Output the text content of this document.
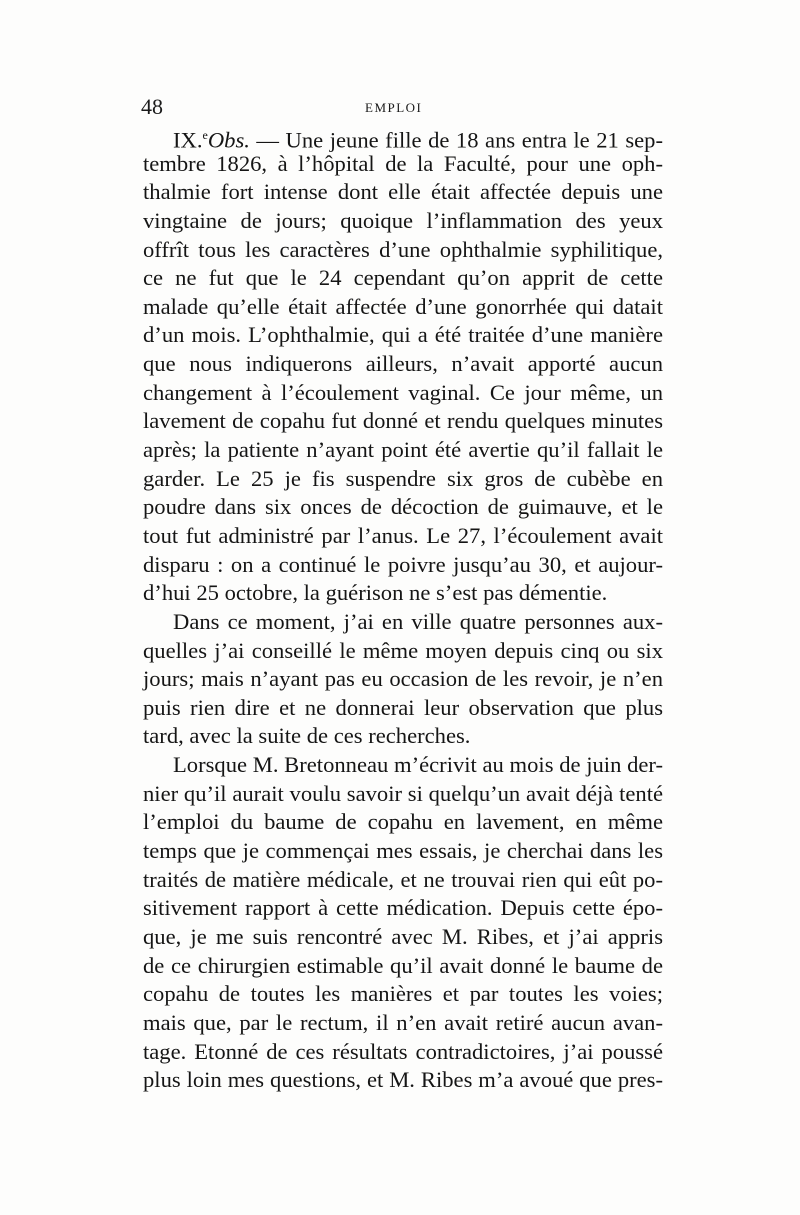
48	EMPLOI
IX.$^e$Obs. — Une jeune fille de 18 ans entra le 21 sep-
tembre 1826, à l’hôpital de la Faculté, pour une oph-
thalmie fort intense dont elle était affectée depuis une
vingtaine de jours; quoique l’inflammation des yeux
offrît tous les caractères d’une ophthalmie syphilitique,
ce ne fut que le 24 cependant qu’on apprit de cette
malade qu’elle était affectée d’une gonorrhée qui datait
d’un mois. L’ophthalmie, qui a été traitée d’une manière
que nous indiquerons ailleurs, n’avait apporté aucun
changement à l’écoulement vaginal. Ce jour même, un
lavement de copahu fut donné et rendu quelques minutes
après; la patiente n’ayant point été avertie qu’il fallait le
garder. Le 25 je fis suspendre six gros de cubèbe en
poudre dans six onces de décoction de guimauve, et le
tout fut administré par l’anus. Le 27, l’écoulement avait
disparu : on a continué le poivre jusqu’au 30, et aujour-
d’hui 25 octobre, la guérison ne s’est pas démentie.
Dans ce moment, j’ai en ville quatre personnes aux-
quelles j’ai conseillé le même moyen depuis cinq ou six
jours; mais n’ayant pas eu occasion de les revoir, je n’en
puis rien dire et ne donnerai leur observation que plus
tard, avec la suite de ces recherches.
Lorsque M. Bretonneau m’écrivit au mois de juin der-
nier qu’il aurait voulu savoir si quelqu’un avait déjà tenté
l’emploi du baume de copahu en lavement, en même
temps que je commençai mes essais, je cherchai dans les
traités de matière médicale, et ne trouvai rien qui eût po-
sitivement rapport à cette médication. Depuis cette épo-
que, je me suis rencontré avec M. Ribes, et j’ai appris
de ce chirurgien estimable qu’il avait donné le baume de
copahu de toutes les manières et par toutes les voies;
mais que, par le rectum, il n’en avait retiré aucun avan-
tage. Etonné de ces résultats contradictoires, j’ai poussé
plus loin mes questions, et M. Ribes m’a avoué que pres-
